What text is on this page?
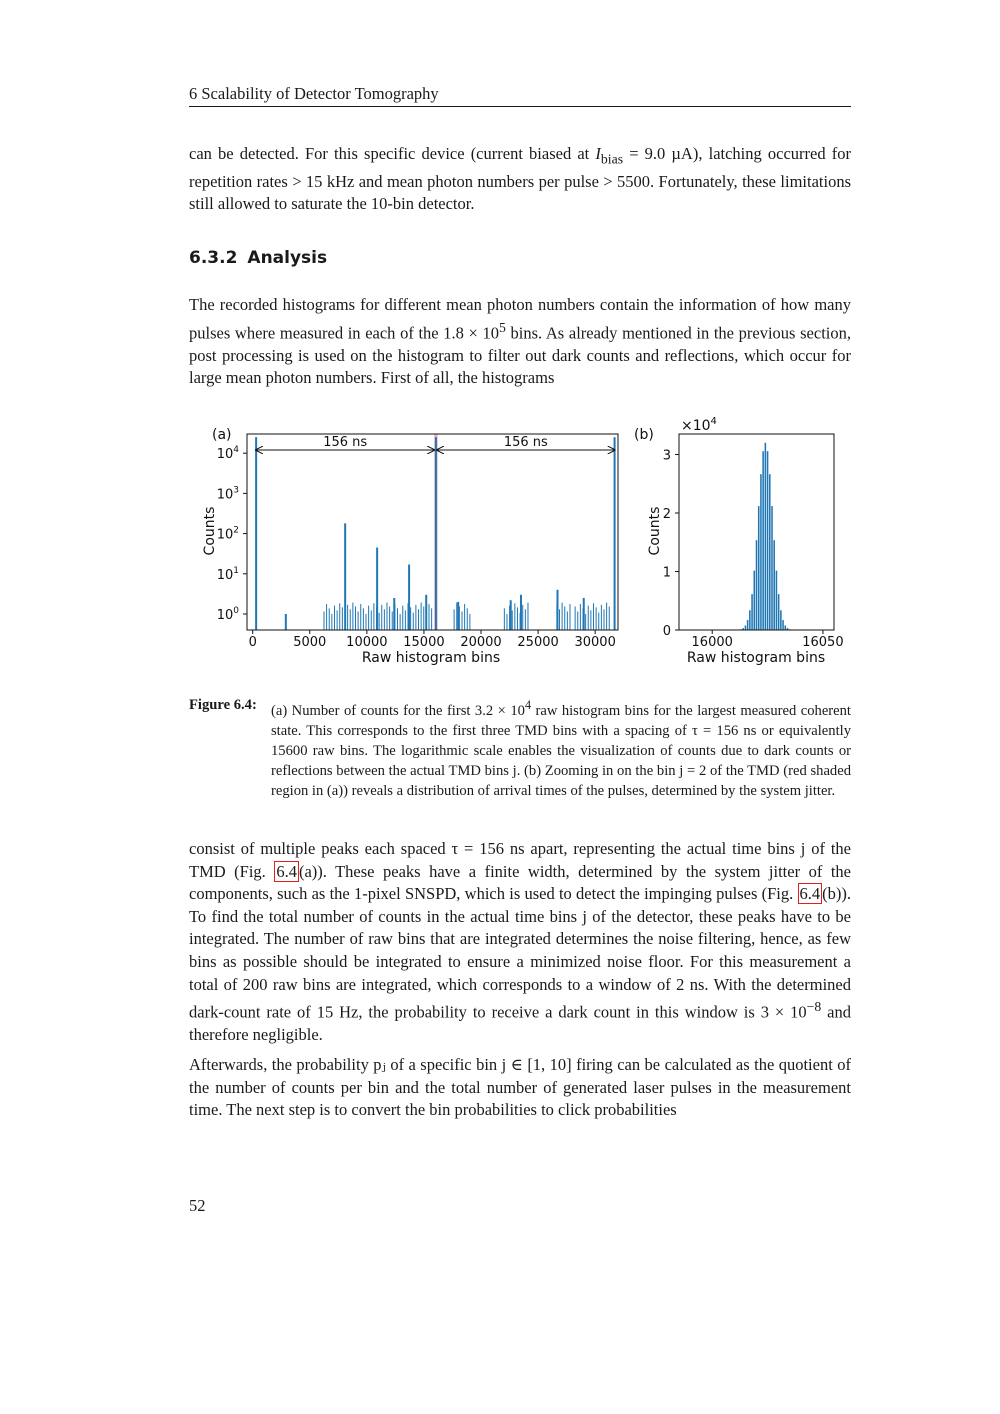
6 Scalability of Detector Tomography

can be detected. For this specific device (current biased at $I_{bias} = 9.0$ µA), latching occurred for repetition rates > 15 kHz and mean photon numbers per pulse > 5500. Fortunately, these limitations still allowed to saturate the 10-bin detector.

6.3.2 Analysis

The recorded histograms for different mean photon numbers contain the information of how many pulses where measured in each of the $1.8 \times 10^5$ bins. As already mentioned in the previous section, post processing is used on the histogram to filter out dark counts and reflections, which occur for large mean photon numbers. First of all, the histograms

(a)
Counts
Raw histogram bins
156 ns	156 ns
0	5000 10000 15000 20000 25000 30000
$10^0$
$10^1$
$10^2$
$10^3$
$10^4$
(b)
$\times 10^4$
Counts
Raw histogram bins
16000	16050
0
1
2
3
Figure 6.4: (a) Number of counts for the first $3.2 \times 10^4$ raw histogram bins for the largest measured coherent state. This corresponds to the first three TMD bins with a spacing of τ = 156 ns or equivalently 15600 raw bins. The logarithmic scale enables the visualization of counts due to dark counts or reflections between the actual TMD bins j. (b) Zooming in on the bin j = 2 of the TMD (red shaded region in (a)) reveals a distribution of arrival times of the pulses, determined by the system jitter.

consist of multiple peaks each spaced τ = 156 ns apart, representing the actual time bins j of the TMD (Fig. 6.4 (a)). These peaks have a finite width, determined by the system jitter of the components, such as the 1-pixel SNSPD, which is used to detect the impinging pulses (Fig. 6.4 (b)). To find the total number of counts in the actual time bins j of the detector, these peaks have to be integrated. The number of raw bins that are integrated determines the noise filtering, hence, as few bins as possible should be integrated to ensure a minimized noise floor. For this measurement a total of 200 raw bins are integrated, which corresponds to a window of 2 ns. With the determined dark-count rate of 15 Hz, the probability to receive a dark count in this window is $3 \times 10^{-8}$ and therefore negligible.

Afterwards, the probability pⱼ of a specific bin j ∈ [1, 10] firing can be calculated as the quotient of the number of counts per bin and the total number of generated laser pulses in the measurement time. The next step is to convert the bin probabilities to click probabilities

52
